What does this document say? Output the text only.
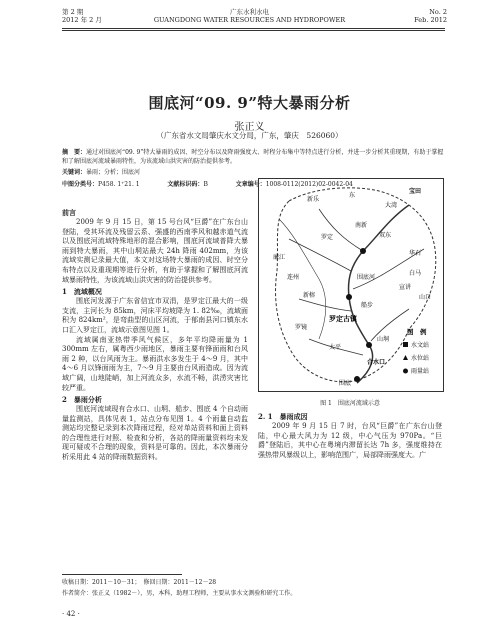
第 2 期
2012 年 2 月
广东水利水电
GUANGDONG WATER RESOURCES AND HYDROPOWER
No. 2
Feb. 2012
围底河“09. 9”特大暴雨分析
张正义
（广东省水文局肇庆水文分局，广东，肇庆　526060）
摘　要：通过对围底河“09. 9”特大暴雨的成因、时空分布以及降雨强度大、时程分布集中等特点进行分析，并进一步分析其重现期，有助于掌握和了解围底河流域暴雨特性，为该流域山洪灾害的防治提供参考。
关键词：暴雨；分析；围底河
中图分类号：P458. 1⁺21. 1	文献标识码：B	文章编号：1008-0112(2012)02-0042-04
前言
2009 年 9 月 15 日，第 15 号台风“巨爵”在广东台山登陆，受其环流及残留云系、强盛的西南季风和越赤道气流以及围底河流域特殊地形的混合影响，围底河流域普降大暴雨到特大暴雨，其中山垌站最大 24h 降雨 402mm，为该流域实测记录最大值，本文对这场特大暴雨的成因、时空分布特点以及重现期等进行分析，有助于掌握和了解围底河流域暴雨特性，为该流域山洪灾害的防治提供参考。
1　流域概况
围底河发源于广东省信宜市双涓，是罗定江最大的一级支流，主河长为 85km，河床平均坡降为 1. 82‰，流域面积为 824km²，是弯曲型的山区河流，于郁南县河口镇东水口汇入罗定江，流域示意图见图 1。
流域属南亚热带季风气候区，多年平均降雨量为 1 300mm 左右，属粤西少雨地区，暴雨主要有锋面雨和台风雨 2 种，以台风雨为主。暴雨洪水多发生于 4～9 月，其中 4～6 月以锋面雨为主，7～9 月主要由台风雨造成。因为流域广阔，山地陡峭，加上河流众多，水流不畅，洪涝灾害比较严重。
2　暴雨分析
围底河流域现有合水口、山垌、船步、围底 4 个自动雨量监测站，具体见表 1，站点分布见图 1。4 个雨量自动监测站均完整记录到本次降雨过程，经对单站资料和面上资料的合理性进行对照、检查和分析，各站的降雨量资料均未发现可疑或不合理的现象，资料是可靠的。因此，本次暴雨分析采用此 4 站的降雨数据资料。
新乐
东
大湾
宝田
南新
双东
华石
罗定
廉江
连州
新榕
罗定古镇
船步
罗镜
太平
山垌
合水口
围底
宣讲
围底河
白马
山口
图　例
水文站
水位站
雨量站
图 1　围底河流域示意
2. 1　暴雨成因
2009 年 9 月 15 日 7 时，台风“巨爵”在广东台山登陆，中心最大风力为 12 级，中心气压为 970Pa。“巨爵”登陆后，其中心在粤境内滞留长达 7h 多，强度维持在强热带风暴级以上，影响范围广，局部降雨强度大。广
收稿日期：2011－10－31；　修回日期：2011－12－28
作者简介：张正义（1982－），男，本科，助理工程师，主要从事水文测验和研究工作。
· 42 ·
